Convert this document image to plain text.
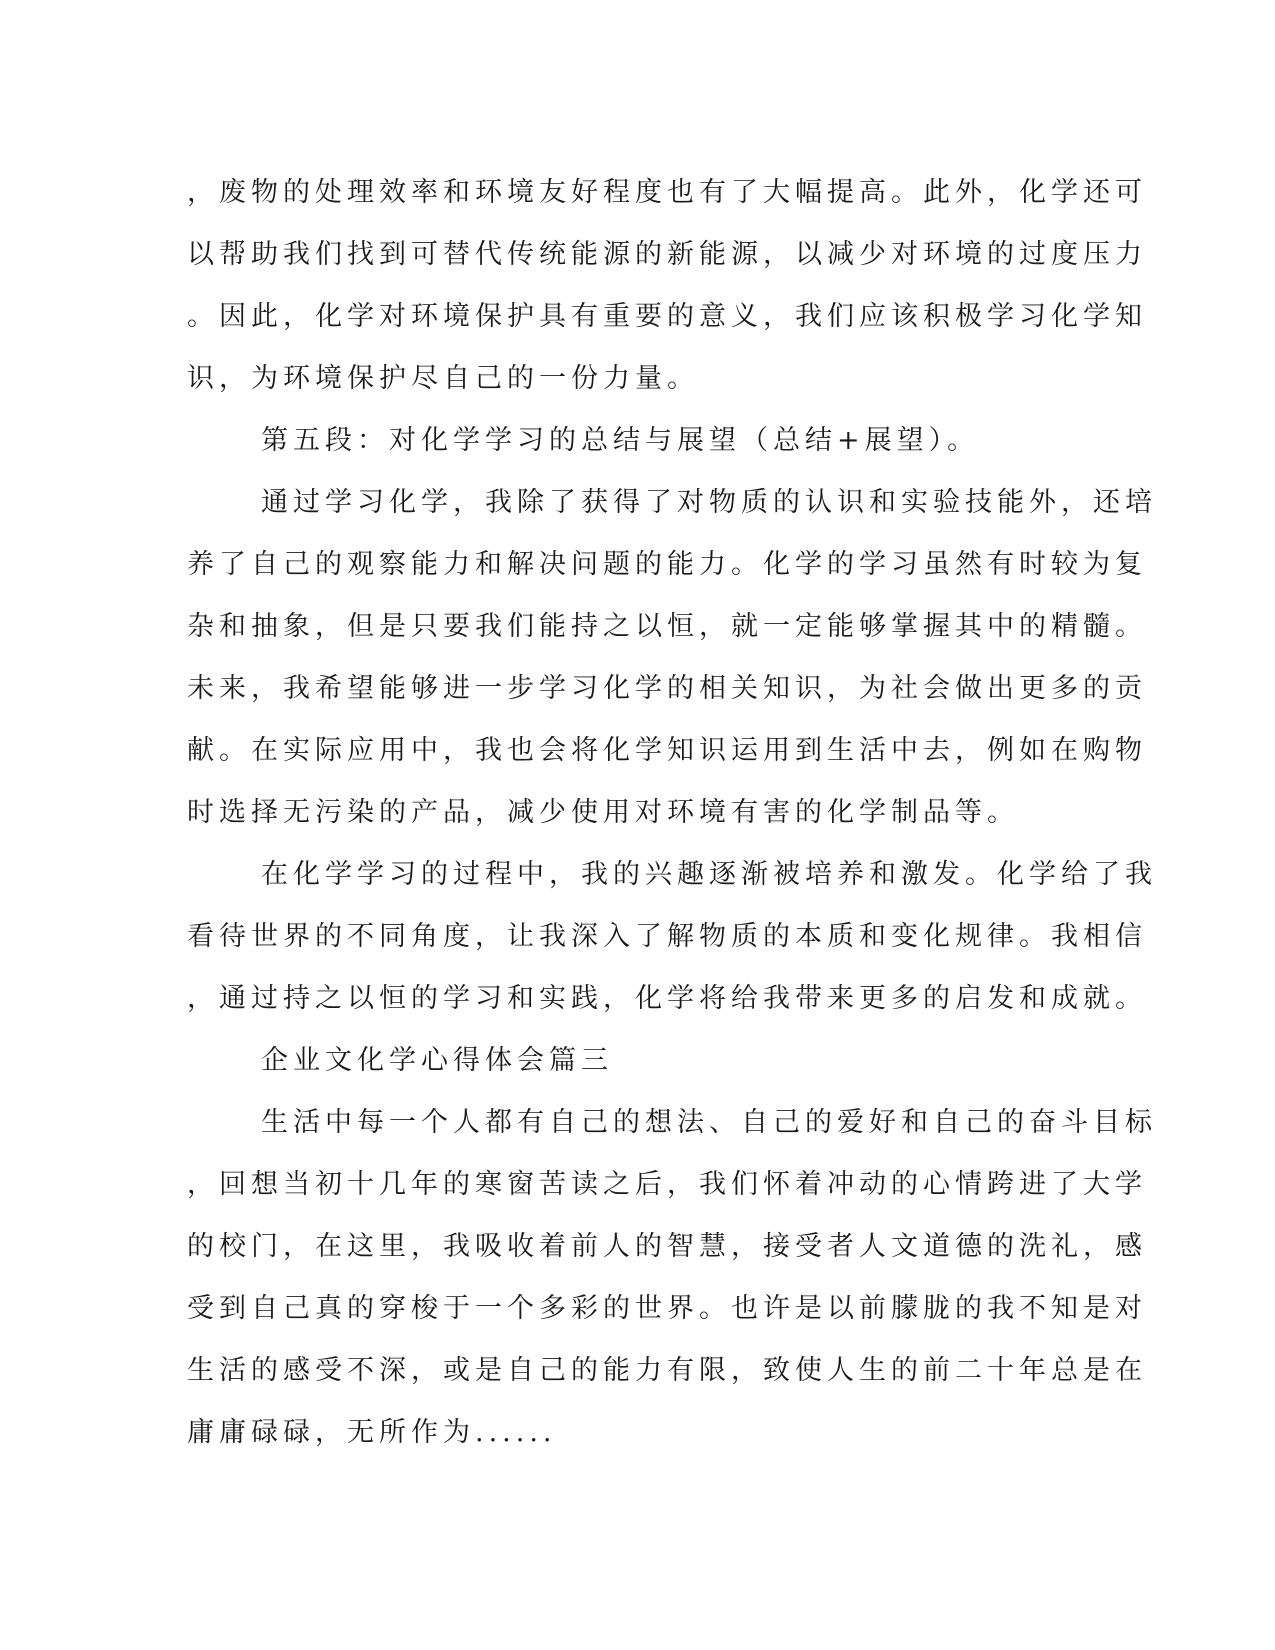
，废物的处理效率和环境友好程度也有了大幅提高。此外，化学还可
以帮助我们找到可替代传统能源的新能源，以减少对环境的过度压力
。因此，化学对环境保护具有重要的意义，我们应该积极学习化学知
识，为环境保护尽自己的一份力量。
第五段：对化学学习的总结与展望（总结+展望）。
通过学习化学，我除了获得了对物质的认识和实验技能外，还培
养了自己的观察能力和解决问题的能力。化学的学习虽然有时较为复
杂和抽象，但是只要我们能持之以恒，就一定能够掌握其中的精髓。
未来，我希望能够进一步学习化学的相关知识，为社会做出更多的贡
献。在实际应用中，我也会将化学知识运用到生活中去，例如在购物
时选择无污染的产品，减少使用对环境有害的化学制品等。
在化学学习的过程中，我的兴趣逐渐被培养和激发。化学给了我
看待世界的不同角度，让我深入了解物质的本质和变化规律。我相信
，通过持之以恒的学习和实践，化学将给我带来更多的启发和成就。
企业文化学心得体会篇三
生活中每一个人都有自己的想法、自己的爱好和自己的奋斗目标
，回想当初十几年的寒窗苦读之后，我们怀着冲动的心情跨进了大学
的校门，在这里，我吸收着前人的智慧，接受者人文道德的洗礼，感
受到自己真的穿梭于一个多彩的世界。也许是以前朦胧的我不知是对
生活的感受不深，或是自己的能力有限，致使人生的前二十年总是在
庸庸碌碌，无所作为......
